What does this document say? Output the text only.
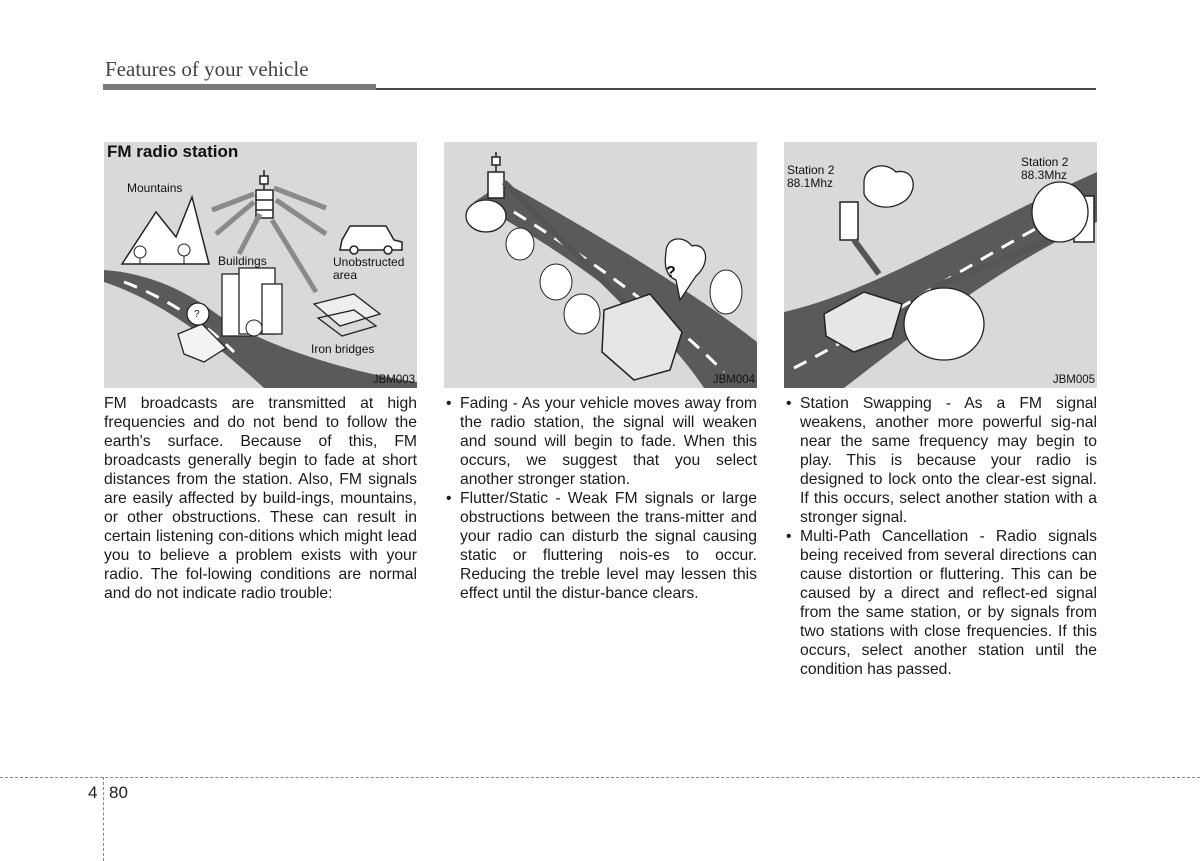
Features of your vehicle
FM radio station
Mountains
Buildings	Unobstructed area
Iron bridges
?
JBM003
FM broadcasts are transmitted at high frequencies and do not bend to follow the earth's surface. Because of this, FM broadcasts generally begin to fade at short distances from the station. Also, FM signals are easily affected by build-ings, mountains, or other obstructions. These can result in certain listening con-ditions which might lead you to believe a problem exists with your radio. The fol-lowing conditions are normal and do not indicate radio trouble:
?
JBM004
• Fading - As your vehicle moves away from the radio station, the signal will weaken and sound will begin to fade. When this occurs, we suggest that you select another stronger station.
• Flutter/Static - Weak FM signals or large obstructions between the trans-mitter and your radio can disturb the signal causing static or fluttering nois-es to occur. Reducing the treble level may lessen this effect until the distur-bance clears.
Station 2
88.1Mhz
Station 2
88.3Mhz
JBM005
• Station Swapping - As a FM signal weakens, another more powerful sig-nal near the same frequency may begin to play. This is because your radio is designed to lock onto the clear-est signal. If this occurs, select another station with a stronger signal.
• Multi-Path Cancellation - Radio signals being received from several directions can cause distortion or fluttering. This can be caused by a direct and reflect-ed signal from the same station, or by signals from two stations with close frequencies. If this occurs, select another station until the condition has passed.
4 80
